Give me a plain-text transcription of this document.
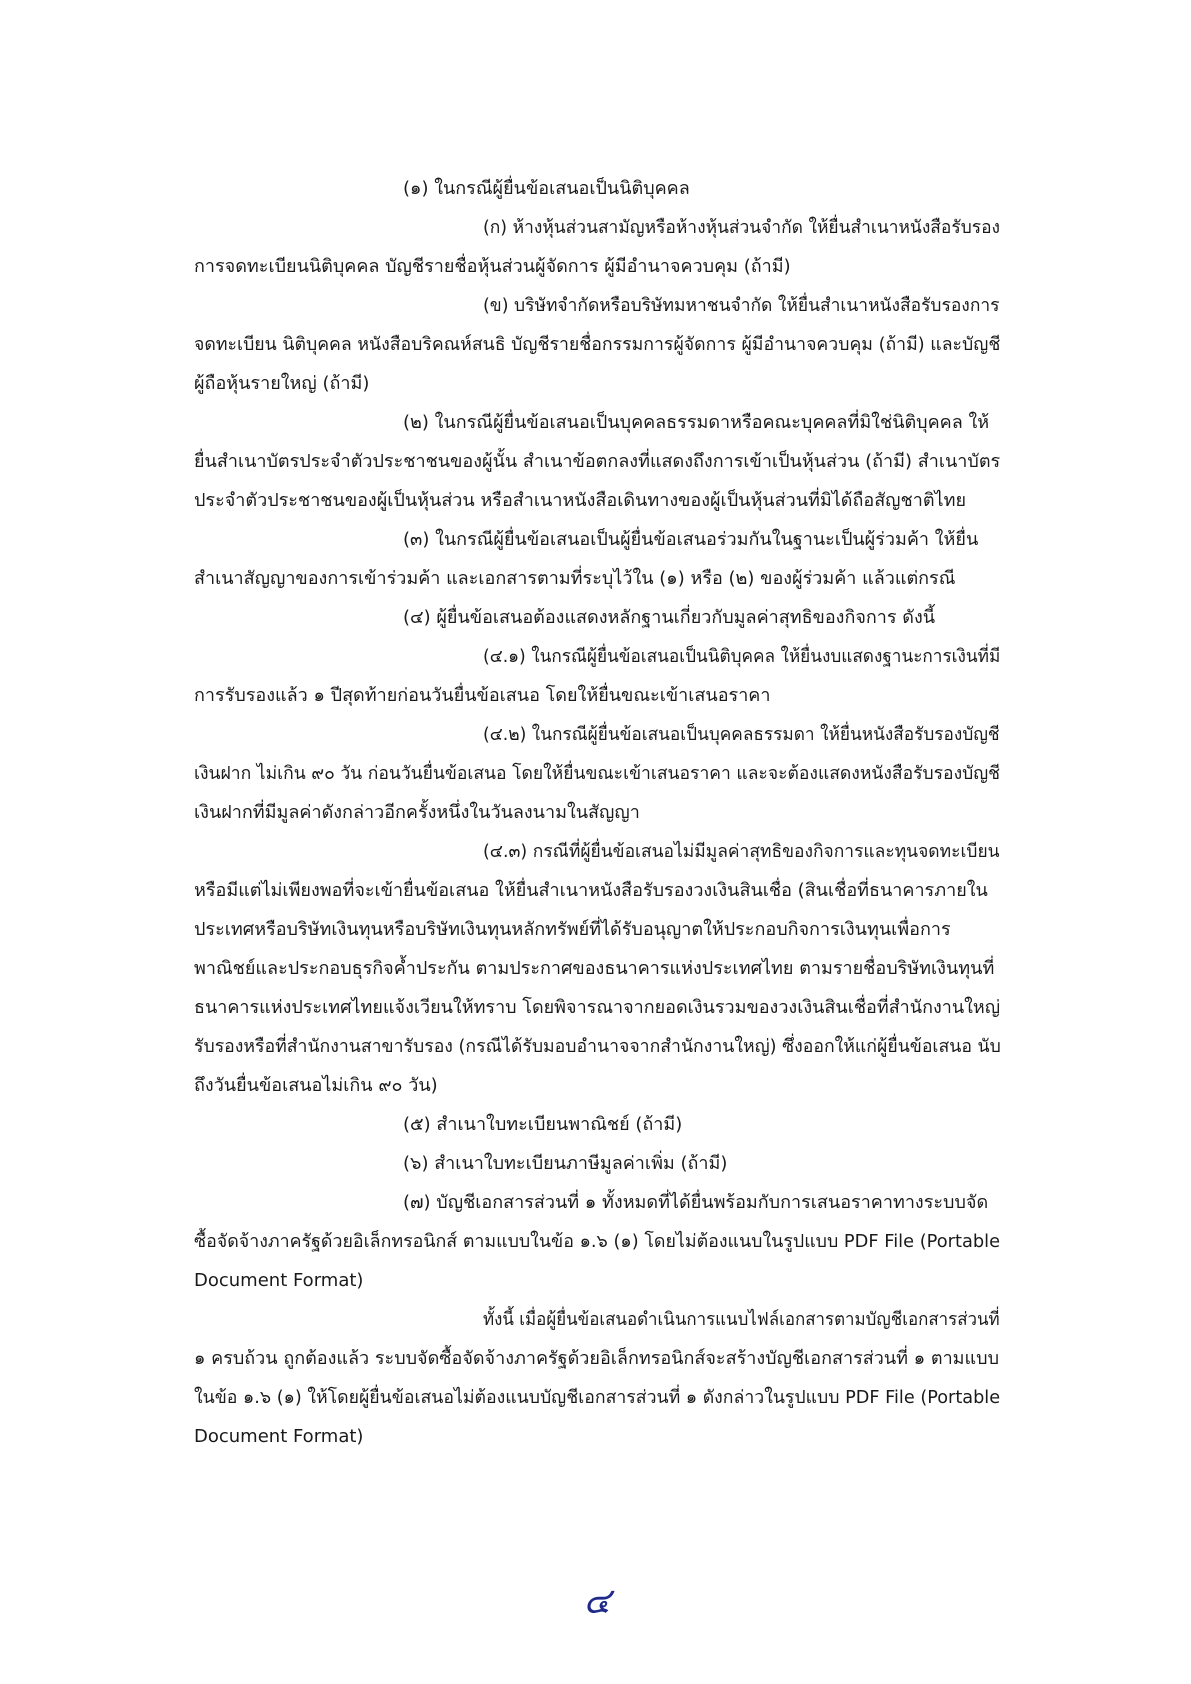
(๑) ในกรณีผู้ยื่นข้อเสนอเป็นนิติบุคคล
(ก) ห้างหุ้นส่วนสามัญหรือห้างหุ้นส่วนจำกัด ให้ยื่นสำเนาหนังสือรับรอง
การจดทะเบียนนิติบุคคล บัญชีรายชื่อหุ้นส่วนผู้จัดการ ผู้มีอำนาจควบคุม (ถ้ามี)
(ข) บริษัทจำกัดหรือบริษัทมหาชนจำกัด ให้ยื่นสำเนาหนังสือรับรองการ
จดทะเบียน นิติบุคคล หนังสือบริคณห์สนธิ บัญชีรายชื่อกรรมการผู้จัดการ ผู้มีอำนาจควบคุม (ถ้ามี) และบัญชี
ผู้ถือหุ้นรายใหญ่ (ถ้ามี)
(๒) ในกรณีผู้ยื่นข้อเสนอเป็นบุคคลธรรมดาหรือคณะบุคคลที่มิใช่นิติบุคคล ให้
ยื่นสำเนาบัตรประจำตัวประชาชนของผู้นั้น สำเนาข้อตกลงที่แสดงถึงการเข้าเป็นหุ้นส่วน (ถ้ามี) สำเนาบัตร
ประจำตัวประชาชนของผู้เป็นหุ้นส่วน หรือสำเนาหนังสือเดินทางของผู้เป็นหุ้นส่วนที่มิได้ถือสัญชาติไทย
(๓) ในกรณีผู้ยื่นข้อเสนอเป็นผู้ยื่นข้อเสนอร่วมกันในฐานะเป็นผู้ร่วมค้า ให้ยื่น
สำเนาสัญญาของการเข้าร่วมค้า และเอกสารตามที่ระบุไว้ใน (๑) หรือ (๒) ของผู้ร่วมค้า แล้วแต่กรณี
(๔) ผู้ยื่นข้อเสนอต้องแสดงหลักฐานเกี่ยวกับมูลค่าสุทธิของกิจการ ดังนี้
(๔.๑) ในกรณีผู้ยื่นข้อเสนอเป็นนิติบุคคล ให้ยื่นงบแสดงฐานะการเงินที่มี
การรับรองแล้ว ๑ ปีสุดท้ายก่อนวันยื่นข้อเสนอ โดยให้ยื่นขณะเข้าเสนอราคา
(๔.๒) ในกรณีผู้ยื่นข้อเสนอเป็นบุคคลธรรมดา ให้ยื่นหนังสือรับรองบัญชี
เงินฝาก ไม่เกิน ๙๐ วัน ก่อนวันยื่นข้อเสนอ โดยให้ยื่นขณะเข้าเสนอราคา และจะต้องแสดงหนังสือรับรองบัญชี
เงินฝากที่มีมูลค่าดังกล่าวอีกครั้งหนึ่งในวันลงนามในสัญญา
(๔.๓) กรณีที่ผู้ยื่นข้อเสนอไม่มีมูลค่าสุทธิของกิจการและทุนจดทะเบียน
หรือมีแต่ไม่เพียงพอที่จะเข้ายื่นข้อเสนอ ให้ยื่นสำเนาหนังสือรับรองวงเงินสินเชื่อ (สินเชื่อที่ธนาคารภายใน
ประเทศหรือบริษัทเงินทุนหรือบริษัทเงินทุนหลักทรัพย์ที่ได้รับอนุญาตให้ประกอบกิจการเงินทุนเพื่อการ
พาณิชย์และประกอบธุรกิจค้ำประกัน ตามประกาศของธนาคารแห่งประเทศไทย ตามรายชื่อบริษัทเงินทุนที่
ธนาคารแห่งประเทศไทยแจ้งเวียนให้ทราบ โดยพิจารณาจากยอดเงินรวมของวงเงินสินเชื่อที่สำนักงานใหญ่
รับรองหรือที่สำนักงานสาขารับรอง (กรณีได้รับมอบอำนาจจากสำนักงานใหญ่) ซึ่งออกให้แก่ผู้ยื่นข้อเสนอ นับ
ถึงวันยื่นข้อเสนอไม่เกิน ๙๐ วัน)
(๕) สำเนาใบทะเบียนพาณิชย์ (ถ้ามี)
(๖) สำเนาใบทะเบียนภาษีมูลค่าเพิ่ม (ถ้ามี)
(๗) บัญชีเอกสารส่วนที่ ๑ ทั้งหมดที่ได้ยื่นพร้อมกับการเสนอราคาทางระบบจัด
ซื้อจัดจ้างภาครัฐด้วยอิเล็กทรอนิกส์ ตามแบบในข้อ ๑.๖ (๑) โดยไม่ต้องแนบในรูปแบบ PDF File (Portable
Document Format)
ทั้งนี้ เมื่อผู้ยื่นข้อเสนอดำเนินการแนบไฟล์เอกสารตามบัญชีเอกสารส่วนที่
๑ ครบถ้วน ถูกต้องแล้ว ระบบจัดซื้อจัดจ้างภาครัฐด้วยอิเล็กทรอนิกส์จะสร้างบัญชีเอกสารส่วนที่ ๑ ตามแบบ
ในข้อ ๑.๖ (๑) ให้โดยผู้ยื่นข้อเสนอไม่ต้องแนบบัญชีเอกสารส่วนที่ ๑ ดังกล่าวในรูปแบบ PDF File (Portable
Document Format)
๔
